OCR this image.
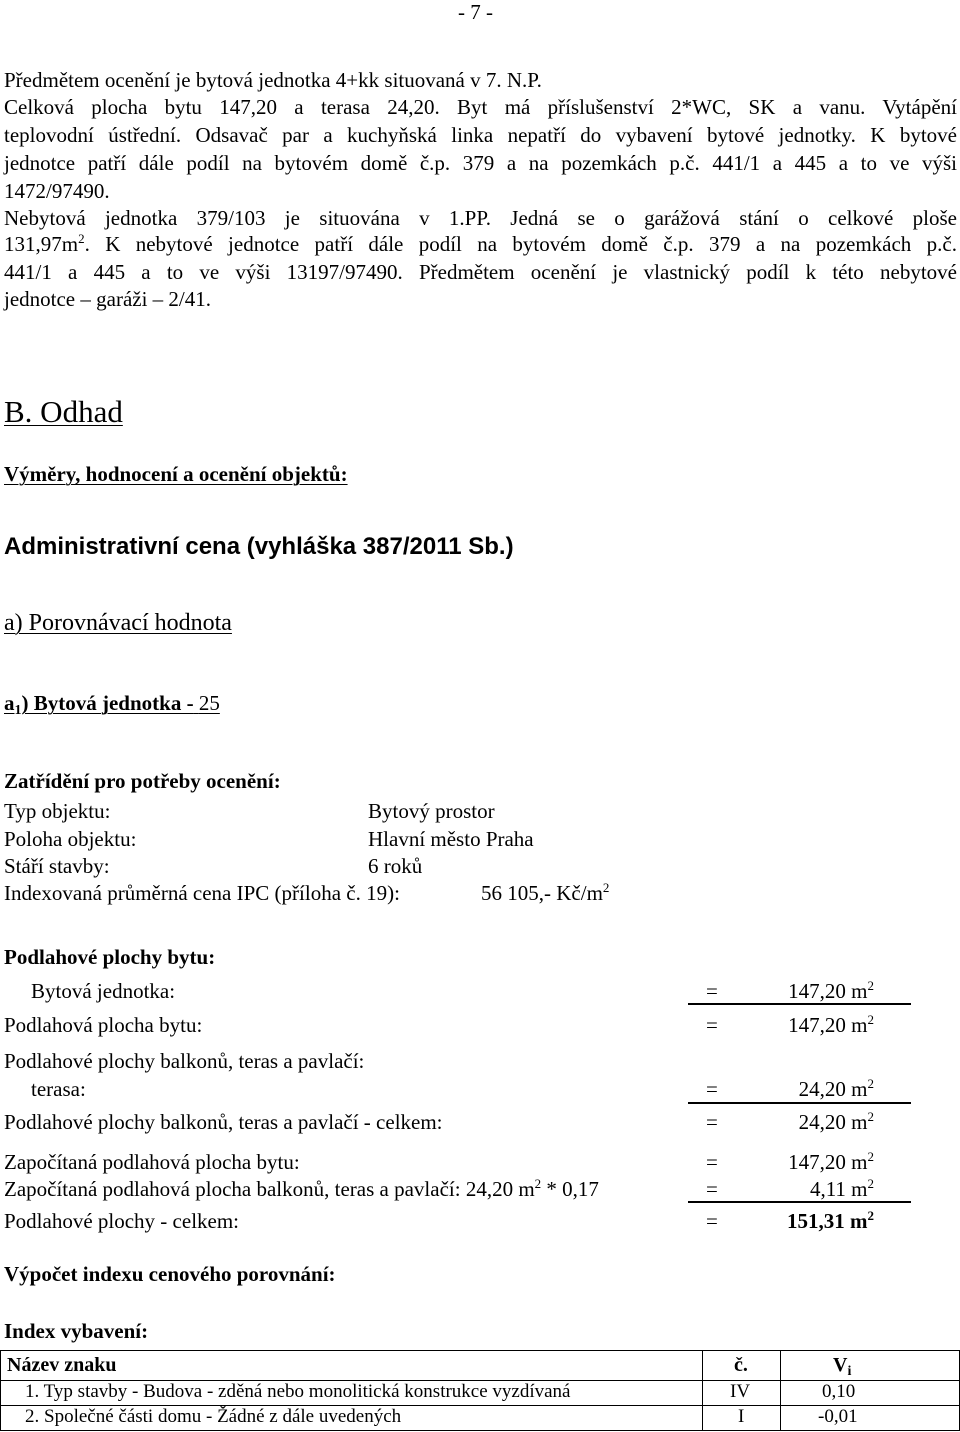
- 7 -
Předmětem ocenění je bytová jednotka 4+kk situovaná v 7. N.P.
Celková plocha bytu 147,20 a terasa 24,20. Byt má příslušenství 2*WC, SK a vanu. Vytápění
teplovodní ústřední. Odsavač par a kuchyňská linka nepatří do vybavení bytové jednotky. K bytové
jednotce patří dále podíl na bytovém domě č.p. 379 a na pozemkách p.č. 441/1 a 445 a to ve výši
1472/97490.
Nebytová jednotka 379/103 je situována v 1.PP. Jedná se o garážová stání o celkové ploše
$131,97m^2$. K nebytové jednotce patří dále podíl na bytovém domě č.p. 379 a na pozemkách p.č.
441/1 a 445 a to ve výši 13197/97490. Předmětem ocenění je vlastnický podíl k této nebytové
jednotce – garáži – 2/41.
B. Odhad
Výměry, hodnocení a ocenění objektů:
Administrativní cena (vyhláška 387/2011 Sb.)
a) Porovnávací hodnota
$a_1$) Bytová jednotka - 25
Zatřídění pro potřeby ocenění:
Typ objektu:	Bytový prostor
Poloha objektu:	Hlavní město Praha
Stáří stavby:	6 roků
Indexovaná průměrná cena IPC (příloha č. 19):	56 105,- $Kč/m^2$
Podlahové plochy bytu:
Bytová jednotka:	=	147,20 $m^2$
Podlahová plocha bytu:	=	147,20 $m^2$
Podlahové plochy balkonů, teras a pavlačí:
terasa:	=	24,20 $m^2$
Podlahové plochy balkonů, teras a pavlačí - celkem:	=	24,20 $m^2$
Započítaná podlahová plocha bytu:	=	147,20 $m^2$
Započítaná podlahová plocha balkonů, teras a pavlačí: 24,20 $m^2 * 0,17$	=	4,11 $m^2$
Podlahové plochy - celkem:	=	151,31 $m^2$
Výpočet indexu cenového porovnání:
Index vybavení:
Název znaku	č.	$V_i$
1. Typ stavby - Budova - zděná nebo monolitická konstrukce vyzdívaná	IV	0,10
2. Společné části domu - Žádné z dále uvedených	I	-0,01
